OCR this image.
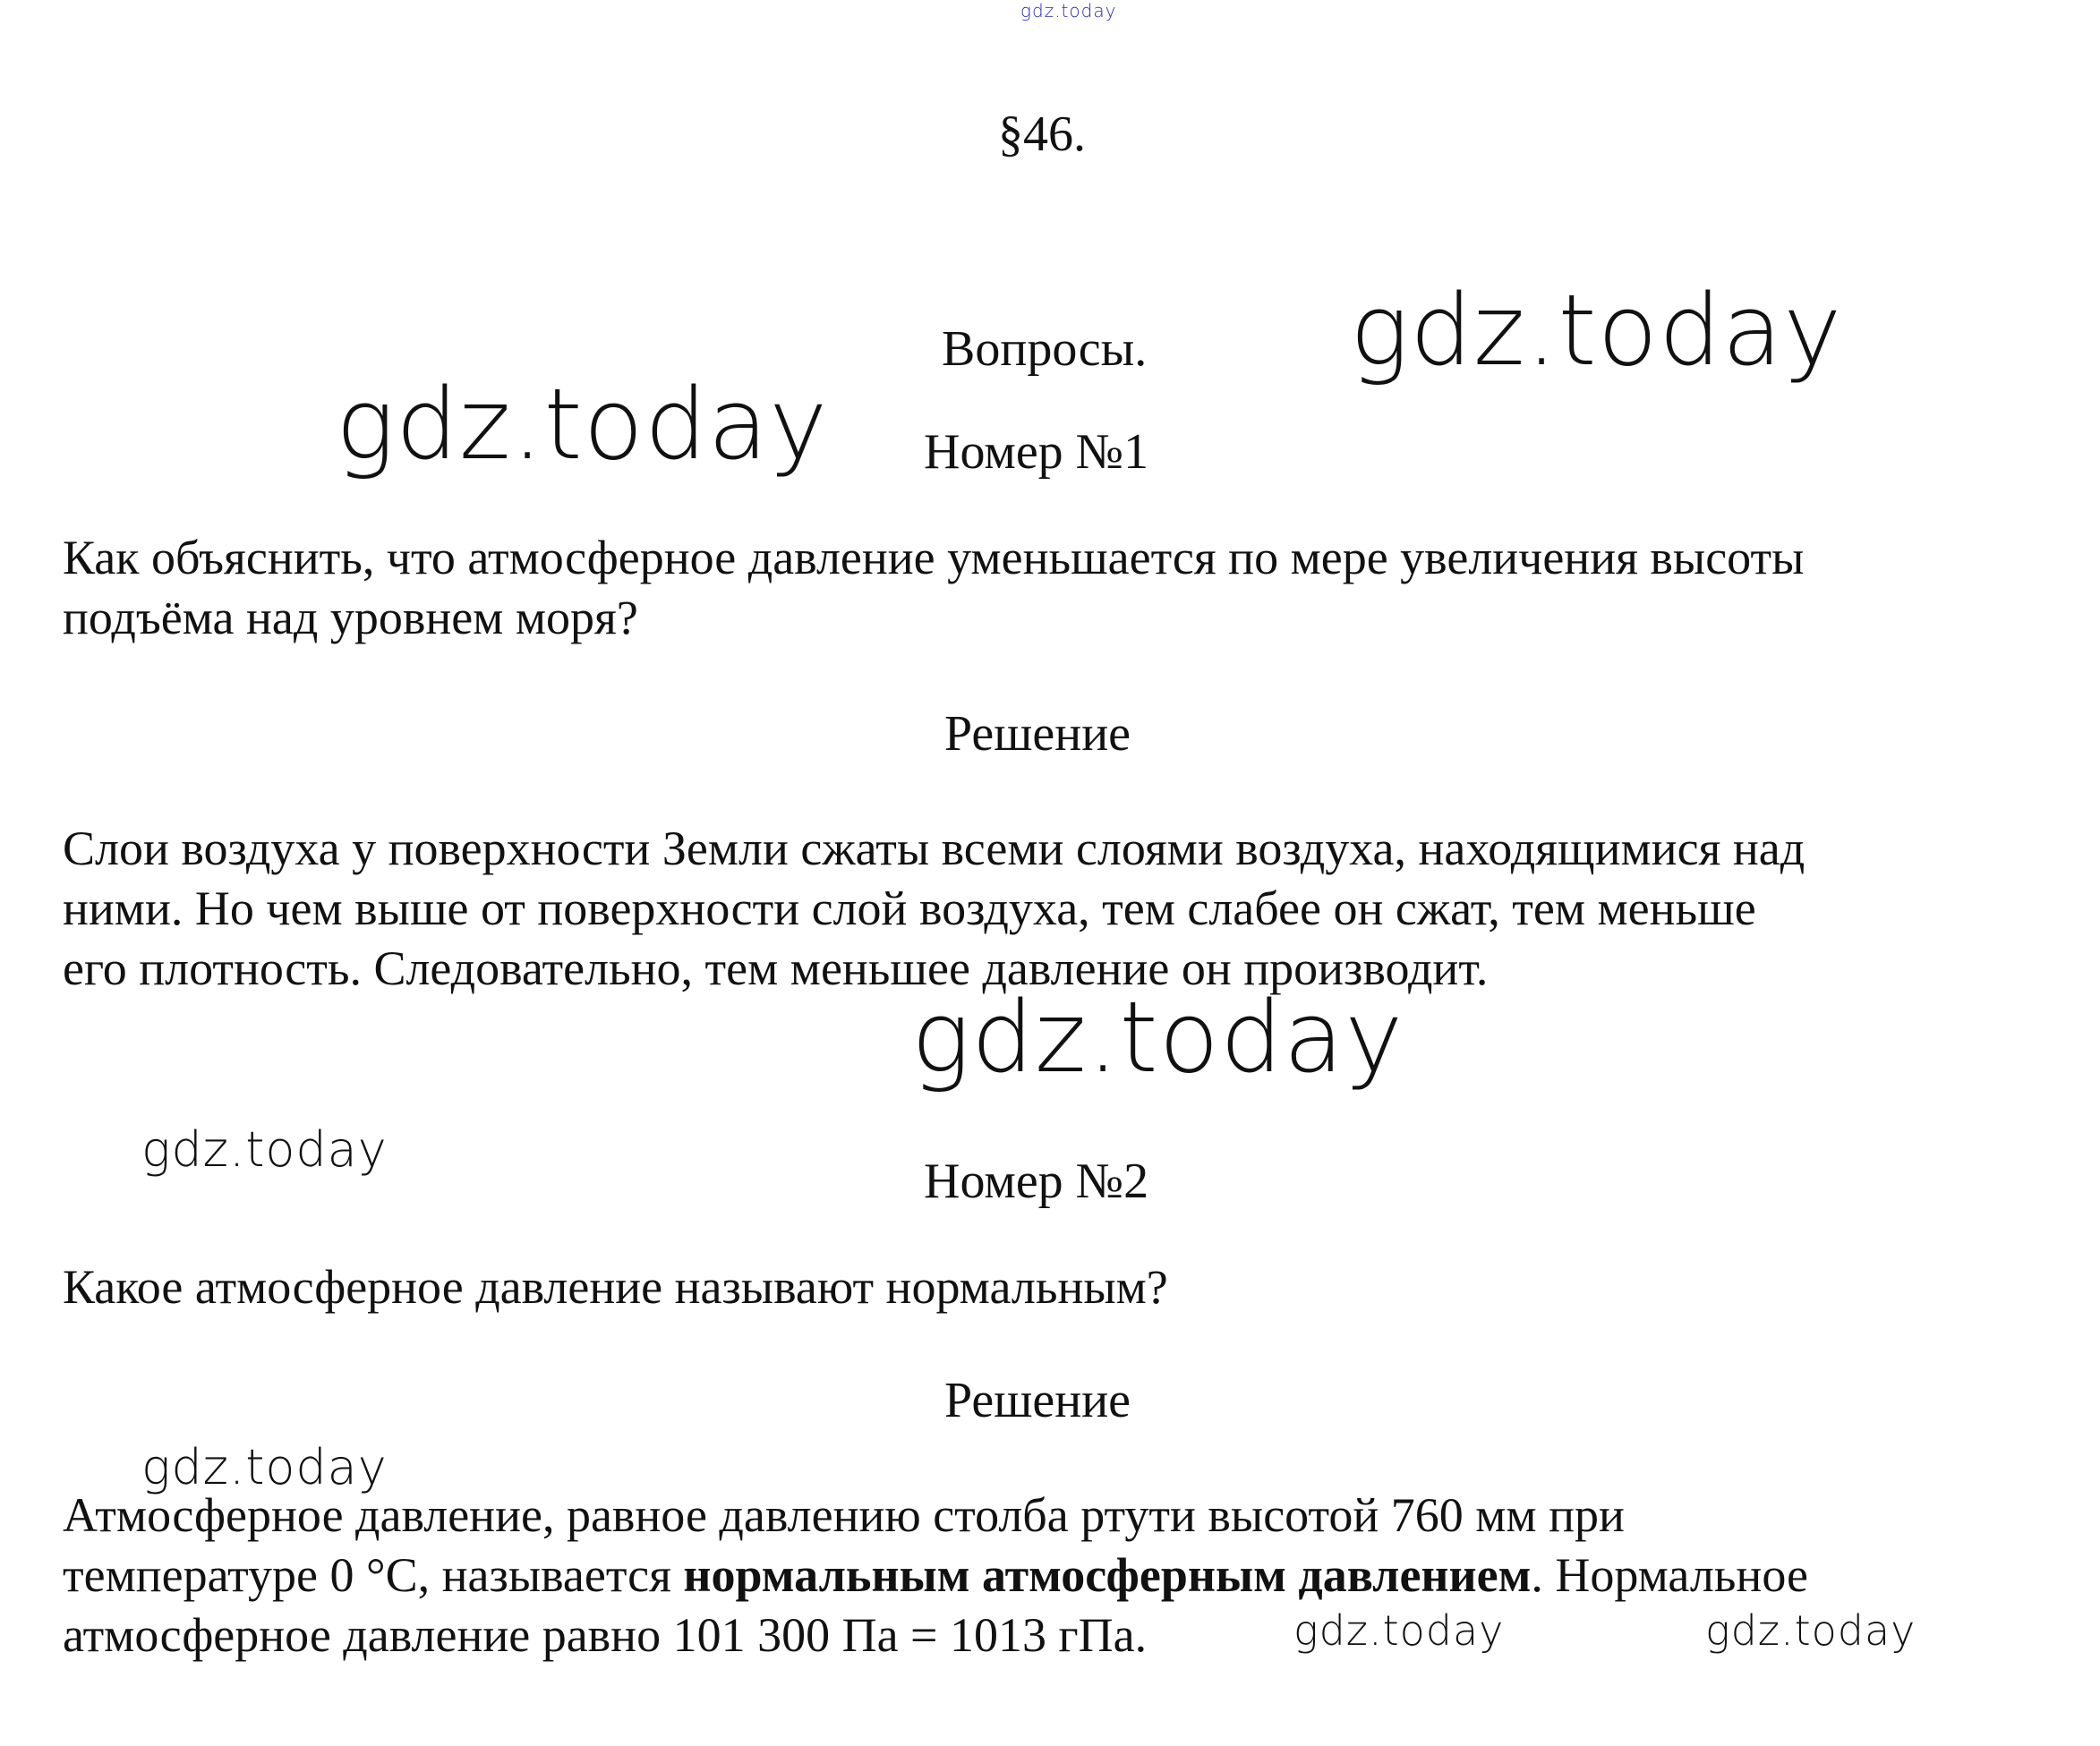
gdz.today
§46.
Вопросы. gdz.today
gdz.today Номер №1
Как объяснить, что атмосферное давление уменьшается по мере увеличения высоты
подъёма над уровнем моря?
Решение
Слои воздуха у поверхности Земли сжаты всеми слоями воздуха, находящимися над
ними. Но чем выше от поверхности слой воздуха, тем слабее он сжат, тем меньше
его плотность. Следовательно, тем меньшее давление он производит.
gdz.today
gdz.today
Номер №2
Какое атмосферное давление называют нормальным?
Решение
gdz.today
Атмосферное давление, равное давлению столба ртути высотой 760 мм при
температуре 0 °С, называется нормальным атмосферным давлением. Нормальное
атмосферное давление равно 101 300 Па = 1013 гПа.	gdz.today	gdz.today
